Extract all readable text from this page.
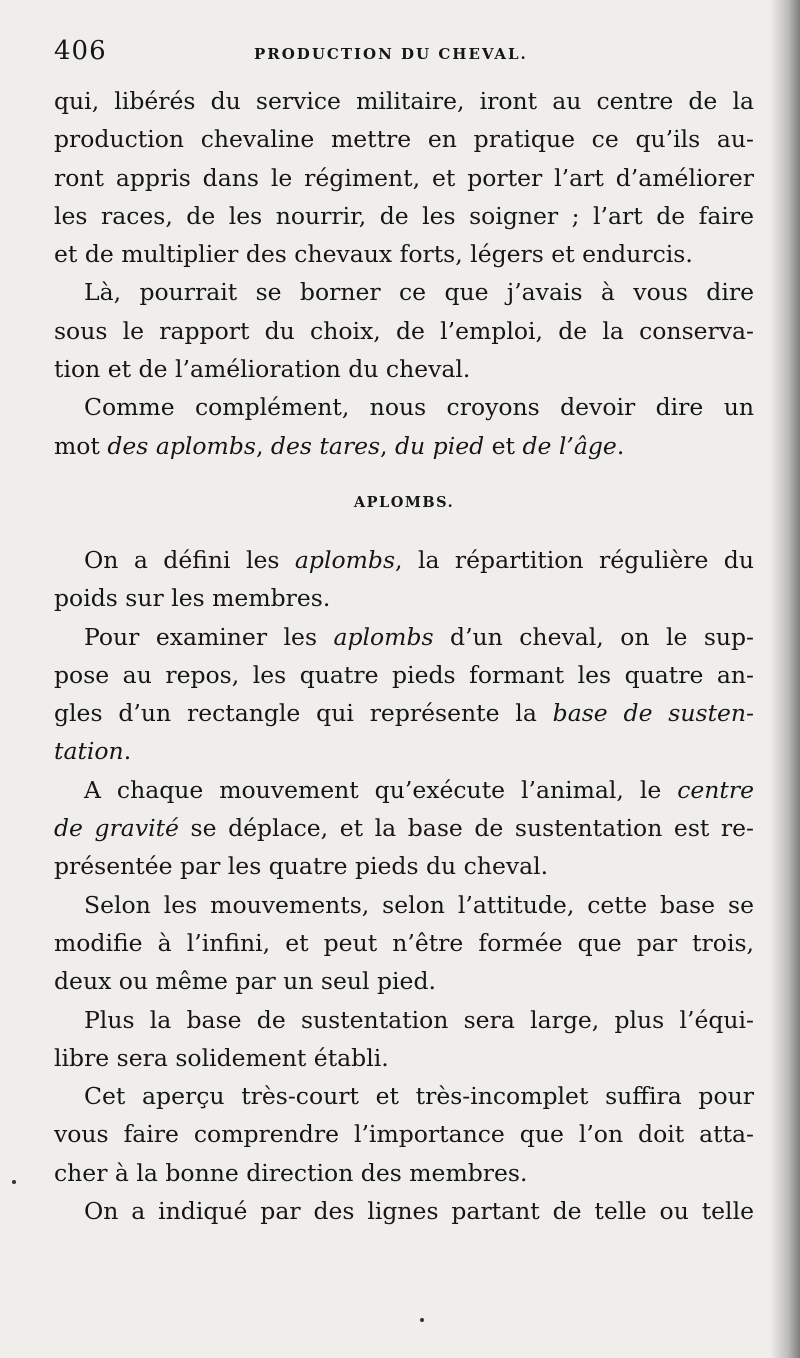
406	PRODUCTION DU CHEVAL.
qui, libérés du service militaire, iront au centre de la
production chevaline mettre en pratique ce qu’ils au-
ront appris dans le régiment, et porter l’art d’améliorer
les races, de les nourrir, de les soigner ; l’art de faire
et de multiplier des chevaux forts, légers et endurcis.
Là, pourrait se borner ce que j’avais à vous dire
sous le rapport du choix, de l’emploi, de la conserva-
tion et de l’amélioration du cheval.
Comme complément, nous croyons devoir dire un
mot des aplombs, des tares, du pied et de l’âge.
APLOMBS.
On a défini les aplombs, la répartition régulière du
poids sur les membres.
Pour examiner les aplombs d’un cheval, on le sup-
pose au repos, les quatre pieds formant les quatre an-
gles d’un rectangle qui représente la base de susten-
tation.
A chaque mouvement qu’exécute l’animal, le centre
de gravité se déplace, et la base de sustentation est re-
présentée par les quatre pieds du cheval.
Selon les mouvements, selon l’attitude, cette base se
modifie à l’infini, et peut n’être formée que par trois,
deux ou même par un seul pied.
Plus la base de sustentation sera large, plus l’équi-
libre sera solidement établi.
Cet aperçu très-court et très-incomplet suffira pour
vous faire comprendre l’importance que l’on doit atta-
cher à la bonne direction des membres.
On a indiqué par des lignes partant de telle ou telle
